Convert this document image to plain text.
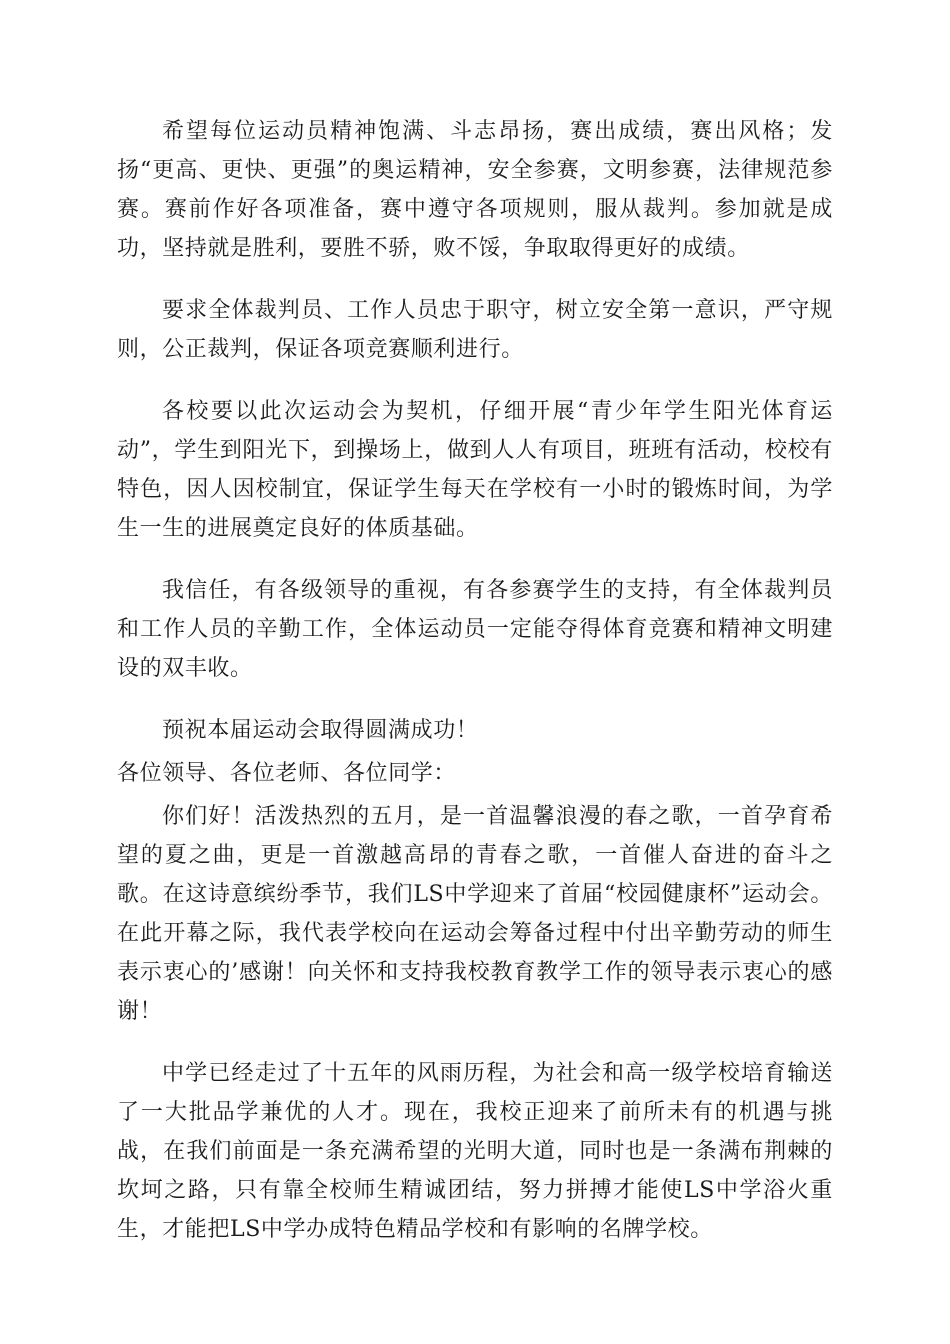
希望每位运动员精神饱满、斗志昂扬，赛出成绩，赛出风格；发扬“更高、更快、更强”的奥运精神，安全参赛，文明参赛，法律规范参赛。赛前作好各项准备，赛中遵守各项规则，服从裁判。参加就是成功，坚持就是胜利，要胜不骄，败不馁，争取取得更好的成绩。

要求全体裁判员、工作人员忠于职守，树立安全第一意识，严守规则，公正裁判，保证各项竞赛顺利进行。

各校要以此次运动会为契机，仔细开展“青少年学生阳光体育运动”，学生到阳光下，到操场上，做到人人有项目，班班有活动，校校有特色，因人因校制宜，保证学生每天在学校有一小时的锻炼时间，为学生一生的进展奠定良好的体质基础。

我信任，有各级领导的重视，有各参赛学生的支持，有全体裁判员和工作人员的辛勤工作，全体运动员一定能夺得体育竞赛和精神文明建设的双丰收。

预祝本届运动会取得圆满成功！

各位领导、各位老师、各位同学：

你们好！活泼热烈的五月，是一首温馨浪漫的春之歌，一首孕育希望的夏之曲，更是一首激越高昂的青春之歌，一首催人奋进的奋斗之歌。在这诗意缤纷季节，我们LS中学迎来了首届“校园健康杯”运动会。在此开幕之际，我代表学校向在运动会筹备过程中付出辛勤劳动的师生表示衷心的’感谢！向关怀和支持我校教育教学工作的领导表示衷心的感谢！

中学已经走过了十五年的风雨历程，为社会和高一级学校培育输送了一大批品学兼优的人才。现在，我校正迎来了前所未有的机遇与挑战，在我们前面是一条充满希望的光明大道，同时也是一条满布荆棘的坎坷之路，只有靠全校师生精诚团结，努力拼搏才能使LS中学浴火重生，才能把LS中学办成特色精品学校和有影响的名牌学校。
